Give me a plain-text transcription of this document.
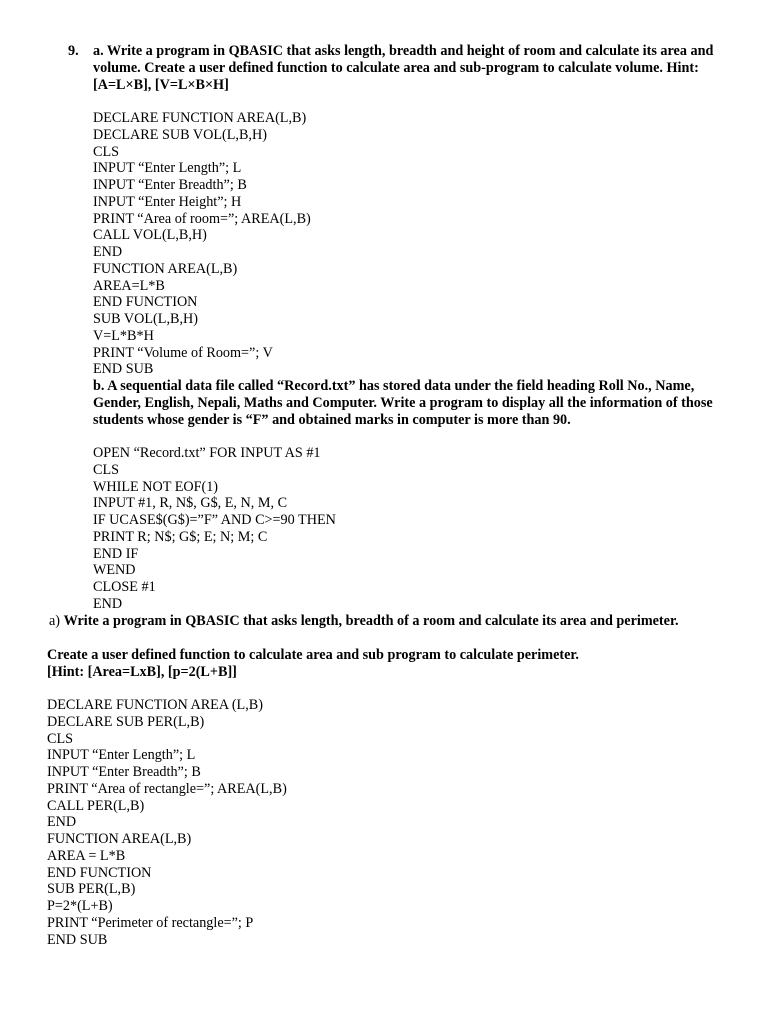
9. a. Write a program in QBASIC that asks length, breadth and height of room and calculate its area and volume. Create a user defined function to calculate area and sub-program to calculate volume. Hint: [A=L×B], [V=L×B×H]
DECLARE FUNCTION AREA(L,B)
DECLARE SUB VOL(L,B,H)
CLS
INPUT “Enter Length”; L
INPUT “Enter Breadth”; B
INPUT “Enter Height”; H
PRINT “Area of room=”; AREA(L,B)
CALL VOL(L,B,H)
END
FUNCTION AREA(L,B)
AREA=L*B
END FUNCTION
SUB VOL(L,B,H)
V=L*B*H
PRINT “Volume of Room=”; V
END SUB
b. A sequential data file called “Record.txt” has stored data under the field heading Roll No., Name, Gender, English, Nepali, Maths and Computer. Write a program to display all the information of those students whose gender is “F” and obtained marks in computer is more than 90.
OPEN “Record.txt” FOR INPUT AS #1
CLS
WHILE NOT EOF(1)
INPUT #1, R, N$, G$, E, N, M, C
IF UCASE$(G$)=”F” AND C>=90 THEN
PRINT R; N$; G$; E; N; M; C
END IF
WEND
CLOSE #1
END
a) Write a program in QBASIC that asks length, breadth of a room and calculate its area and perimeter.
Create a user defined function to calculate area and sub program to calculate perimeter.
[Hint: [Area=LxB], [p=2(L+B]]
DECLARE FUNCTION AREA (L,B)
DECLARE SUB PER(L,B)
CLS
INPUT “Enter Length”; L
INPUT “Enter Breadth”; B
PRINT “Area of rectangle=”; AREA(L,B)
CALL PER(L,B)
END
FUNCTION AREA(L,B)
AREA = L*B
END FUNCTION
SUB PER(L,B)
P=2*(L+B)
PRINT “Perimeter of rectangle=”; P
END SUB
